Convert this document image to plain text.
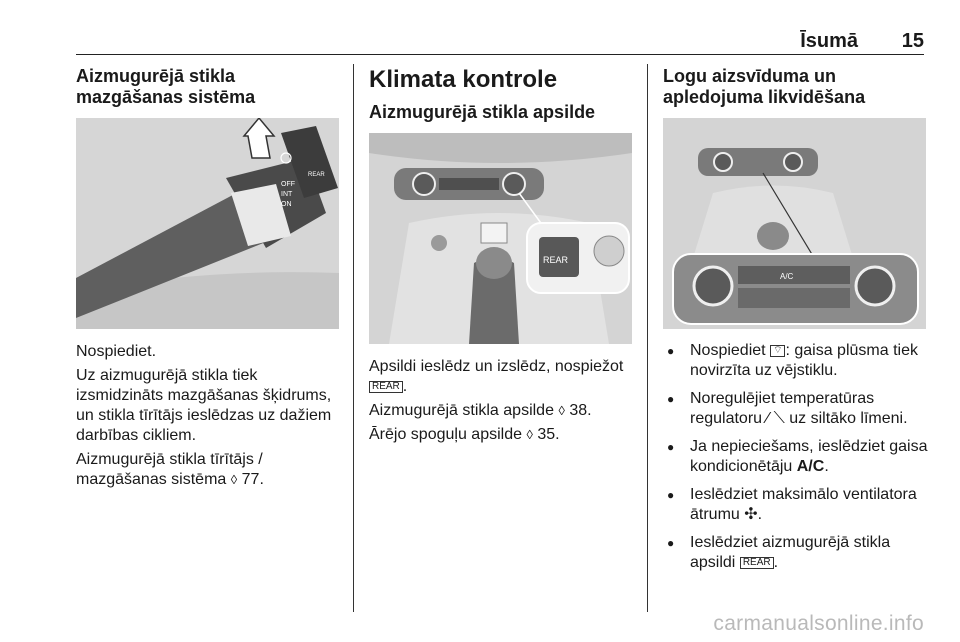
Īsumā 15
Aizmugurējā stikla mazgāšanas sistēma
OFF
INT
ON
REAR

Nospiediet.

Uz aizmugurējā stikla tiek izsmidzināts mazgāšanas šķidrums, un stikla tīrītājs ieslēdzas uz dažiem darbības cikliem.

Aizmugurējā stikla tīrītājs / mazgāšanas sistēma ◊ 77.

Klimata kontrole
Aizmugurējā stikla apsilde
REAR

Apsildi ieslēdz un izslēdz, nospiežot REAR .

Aizmugurējā stikla apsilde ◊ 38.

Ārējo spoguļu apsilde ◊ 35.

Logu aizsvīduma un apledojuma likvidēšana
A/C
● Nospiediet ⌔ : gaisa plūsma tiek novirzīta uz vējstiklu.
● Noregulējiet temperatūras regulatoru ⁄ ⟍ uz siltāko līmeni.
● Ja nepieciešams, ieslēdziet gaisa kondicionētāju A/C.
● Ieslēdziet maksimālo ventilatora ātrumu ✣.
● Ieslēdziet aizmugurējā stikla apsildi REAR .
carmanualsonline.info
